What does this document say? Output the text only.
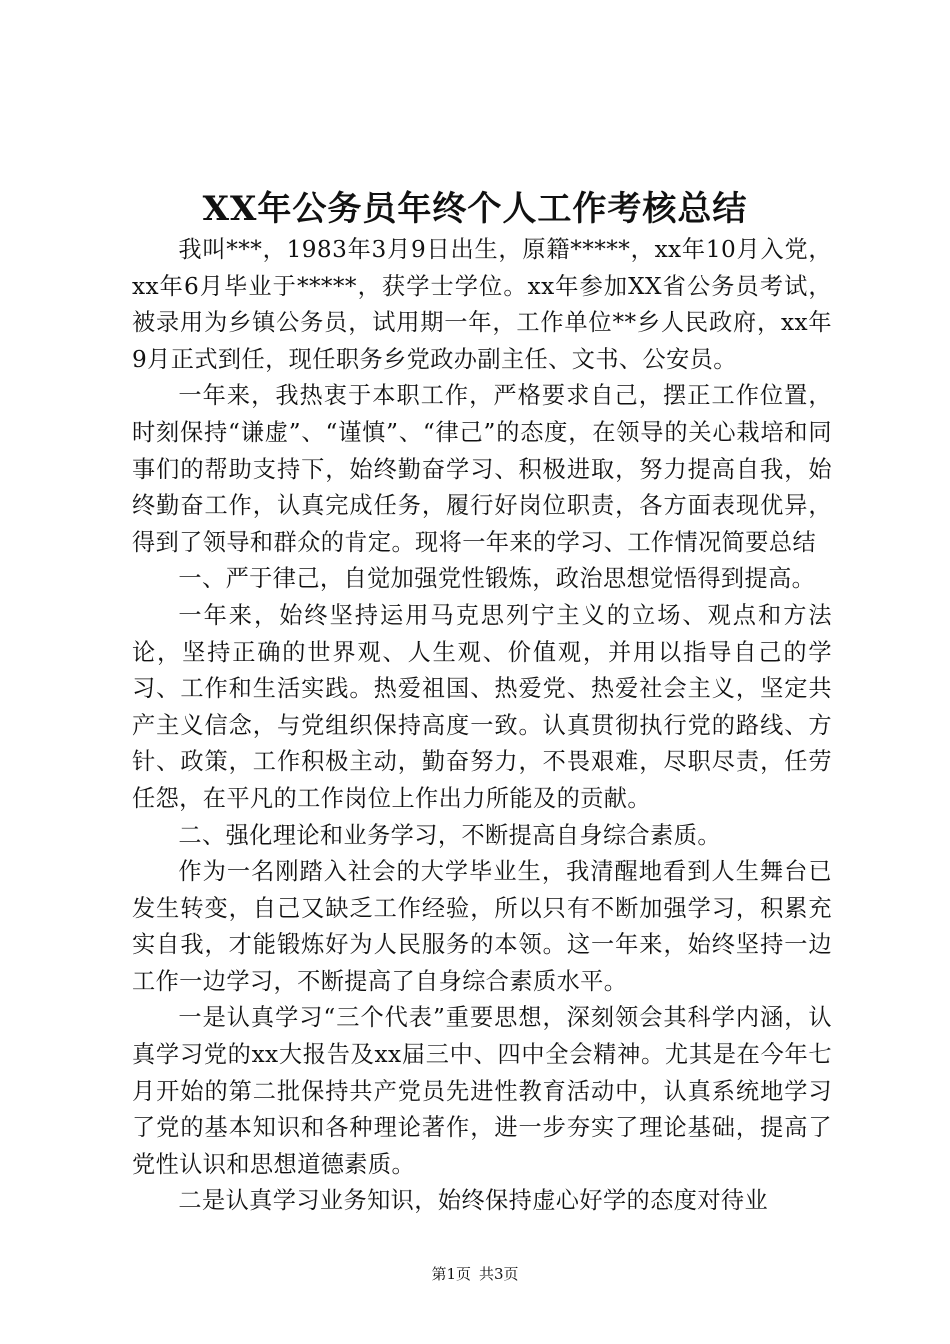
XX年公务员年终个人工作考核总结

我叫***，1983年3月9日出生，原籍*****，xx年10月入党，xx年6月毕业于*****，获学士学位。xx年参加XX省公务员考试，被录用为乡镇公务员，试用期一年，工作单位**乡人民政府，xx年9月正式到任，现任职务乡党政办副主任、文书、公安员。

一年来，我热衷于本职工作，严格要求自己，摆正工作位置，时刻保持“谦虚”、“谨慎”、“律己”的态度，在领导的关心栽培和同事们的帮助支持下，始终勤奋学习、积极进取，努力提高自我，始终勤奋工作，认真完成任务，履行好岗位职责，各方面表现优异，得到了领导和群众的肯定。现将一年来的学习、工作情况简要总结

一、严于律己，自觉加强党性锻炼，政治思想觉悟得到提高。

一年来，始终坚持运用马克思列宁主义的立场、观点和方法论，坚持正确的世界观、人生观、价值观，并用以指导自己的学习、工作和生活实践。热爱祖国、热爱党、热爱社会主义，坚定共产主义信念，与党组织保持高度一致。认真贯彻执行党的路线、方针、政策，工作积极主动，勤奋努力，不畏艰难，尽职尽责，任劳任怨，在平凡的工作岗位上作出力所能及的贡献。

二、强化理论和业务学习，不断提高自身综合素质。

作为一名刚踏入社会的大学毕业生，我清醒地看到人生舞台已发生转变，自己又缺乏工作经验，所以只有不断加强学习，积累充实自我，才能锻炼好为人民服务的本领。这一年来，始终坚持一边工作一边学习，不断提高了自身综合素质水平。

一是认真学习“三个代表”重要思想，深刻领会其科学内涵，认真学习党的xx大报告及xx届三中、四中全会精神。尤其是在今年七月开始的第二批保持共产党员先进性教育活动中，认真系统地学习了党的基本知识和各种理论著作，进一步夯实了理论基础，提高了党性认识和思想道德素质。

二是认真学习业务知识，始终保持虚心好学的态度对待业

第1页 共3页
